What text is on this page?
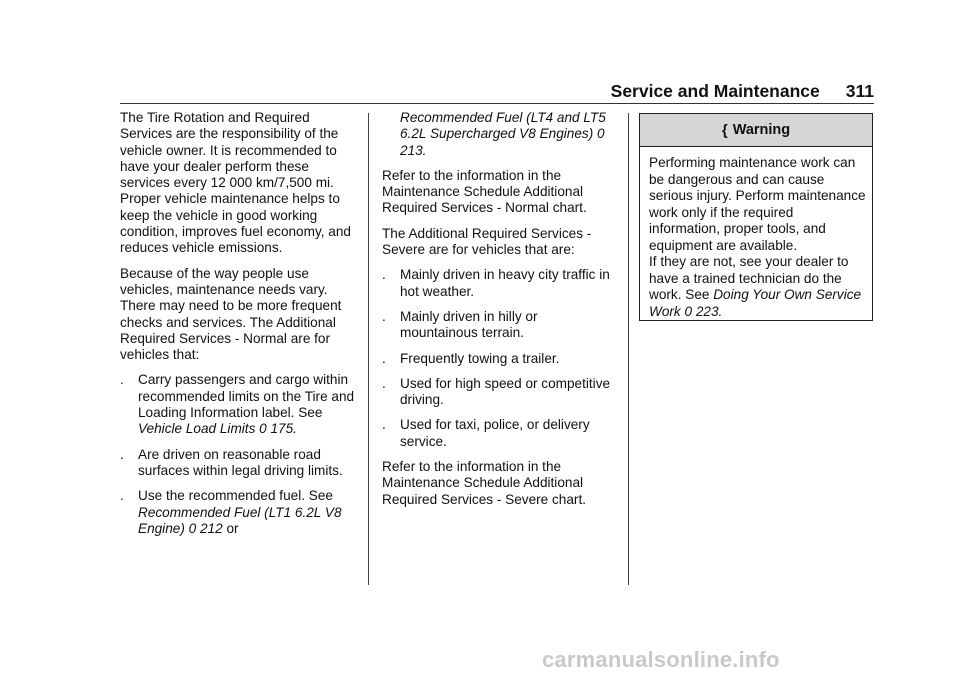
Service and Maintenance 311

The Tire Rotation and Required Services are the responsibility of the vehicle owner. It is recommended to have your dealer perform these services every 12 000 km/7,500 mi. Proper vehicle maintenance helps to keep the vehicle in good working condition, improves fuel economy, and reduces vehicle emissions.

Because of the way people use vehicles, maintenance needs vary. There may need to be more frequent checks and services. The Additional Required Services - Normal are for vehicles that:

.	Carry passengers and cargo within recommended limits on the Tire and Loading Information label. See Vehicle Load Limits 0 175.
.	Are driven on reasonable road surfaces within legal driving limits.
.	Use the recommended fuel. See Recommended Fuel (LT1 6.2L V8 Engine) 0 212 or

Recommended Fuel (LT4 and LT5 6.2L Supercharged V8 Engines) 0 213.

Refer to the information in the Maintenance Schedule Additional Required Services - Normal chart.

The Additional Required Services - Severe are for vehicles that are:

.	Mainly driven in heavy city traffic in hot weather.
.	Mainly driven in hilly or mountainous terrain.
.	Frequently towing a trailer.
.	Used for high speed or competitive driving.
.	Used for taxi, police, or delivery service.

Refer to the information in the Maintenance Schedule Additional Required Services - Severe chart.

{ Warning

Performing maintenance work can be dangerous and can cause serious injury. Perform maintenance work only if the required information, proper tools, and equipment are available.

If they are not, see your dealer to have a trained technician do the work. See Doing Your Own Service Work 0 223.

carmanualsonline.info
